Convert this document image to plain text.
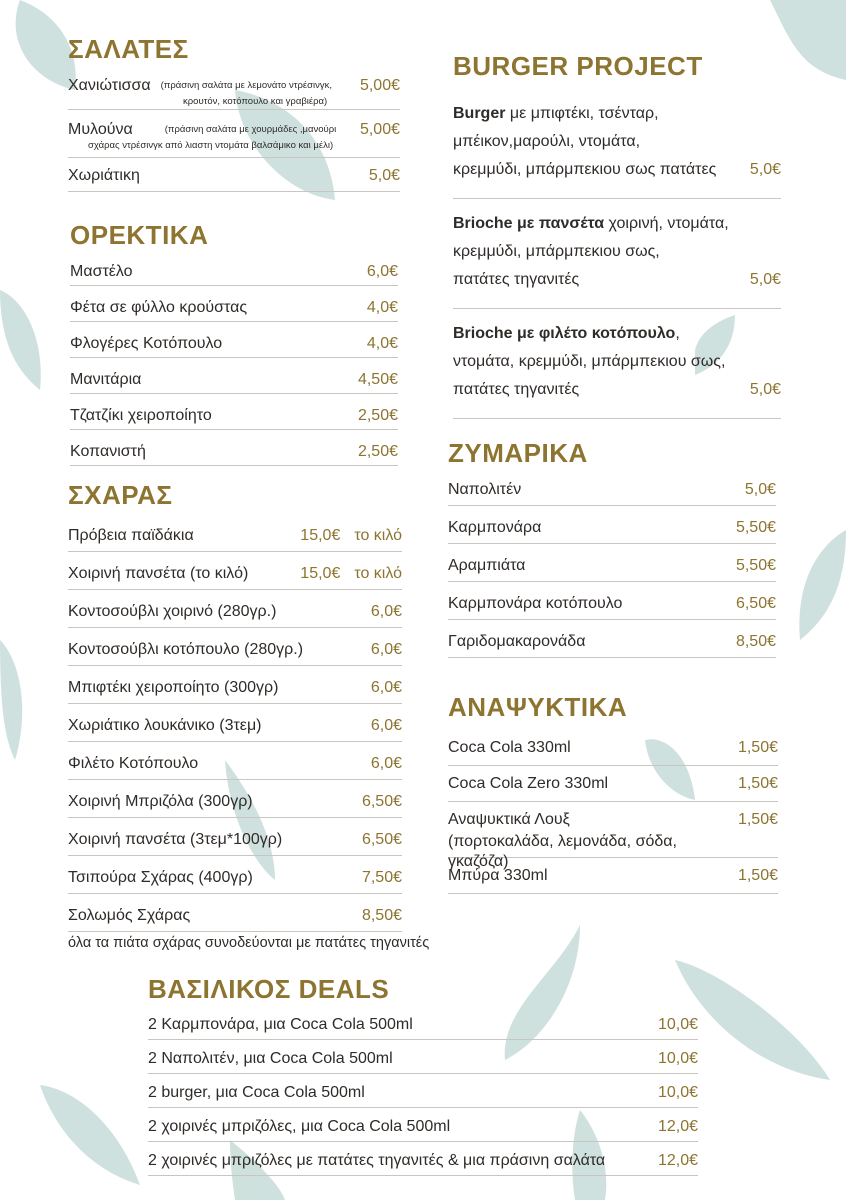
ΣΑΛΑΤΕΣ
Χανιώτισσα (πράσινη σαλάτα με λεμονάτο ντρέσινγκ,
κρουτόν, κοτόπουλο και γραβιέρα)
5,00€
Μυλούνα	(πράσινη σαλάτα με χουρμάδες ,μανούρι
σχάρας ντρέσινγκ από λιαστη ντομάτα βαλσάμικο και μέλι)
5,00€
Χωριάτικη	5,0€
ΟΡΕΚΤΙΚΑ
Μαστέλο	6,0€
Φέτα σε φύλλο κρούστας	4,0€
Φλογέρες Κοτόπουλο	4,0€
Μανιτάρια	4,50€
Τζατζίκι χειροποίητο	2,50€
Κοπανιστή	2,50€
ΣΧΑΡΑΣ
Πρόβεια παϊδάκια	15,0€ το κιλό
Χοιρινή πανσέτα (το κιλό)	15,0€ το κιλό
Κοντοσούβλι χοιρινό (280γρ.)	6,0€
Κοντοσούβλι κοτόπουλο (280γρ.)	6,0€
Μπιφτέκι χειροποίητο (300γρ)	6,0€
Χωριάτικο λουκάνικο (3τεμ)	6,0€
Φιλέτο Κοτόπουλο	6,0€
Χοιρινή Μπριζόλα (300γρ)	6,50€
Χοιρινή πανσέτα (3τεμ*100γρ)	6,50€
Τσιπούρα Σχάρας (400γρ)	7,50€
Σολωμός Σχάρας	8,50€
όλα τα πιάτα σχάρας συνοδεύονται με πατάτες τηγανιτές
BURGER PROJECT
Burger με μπιφτέκι, τσένταρ,
μπέικον,μαρούλι, ντομάτα,
κρεμμύδι, μπάρμπεκιου σως πατάτες	5,0€
Brioche με πανσέτα χοιρινή, ντομάτα,
κρεμμύδι, μπάρμπεκιου σως,
πατάτες τηγανιτές	5,0€
Brioche με φιλέτο κοτόπουλο,
ντομάτα, κρεμμύδι, μπάρμπεκιου σως,
πατάτες τηγανιτές	5,0€
ΖΥΜΑΡΙΚΑ
Ναπολιτέν	5,0€
Καρμπονάρα	5,50€
Αραμπιάτα	5,50€
Καρμπονάρα κοτόπουλο	6,50€
Γαριδομακαρονάδα	8,50€
ΑΝΑΨΥΚΤΙΚΑ
Coca Cola 330ml	1,50€
Coca Cola Zero 330ml	1,50€
Αναψυκτικά Λουξ
(πορτοκαλάδα, λεμονάδα, σόδα, γκαζόζα)
1,50€
Μπύρα 330ml	1,50€
ΒΑΣΙΛΙΚΟΣ DEALS
2 Καρμπονάρα, μια Coca Cola 500ml	10,0€
2 Ναπολιτέν, μια Coca Cola 500ml	10,0€
2 burger, μια Coca Cola 500ml	10,0€
2 χοιρινές μπριζόλες, μια Coca Cola 500ml	12,0€
2 χοιρινές μπριζόλες με πατάτες τηγανιτές & μια πράσινη σαλάτα	12,0€
